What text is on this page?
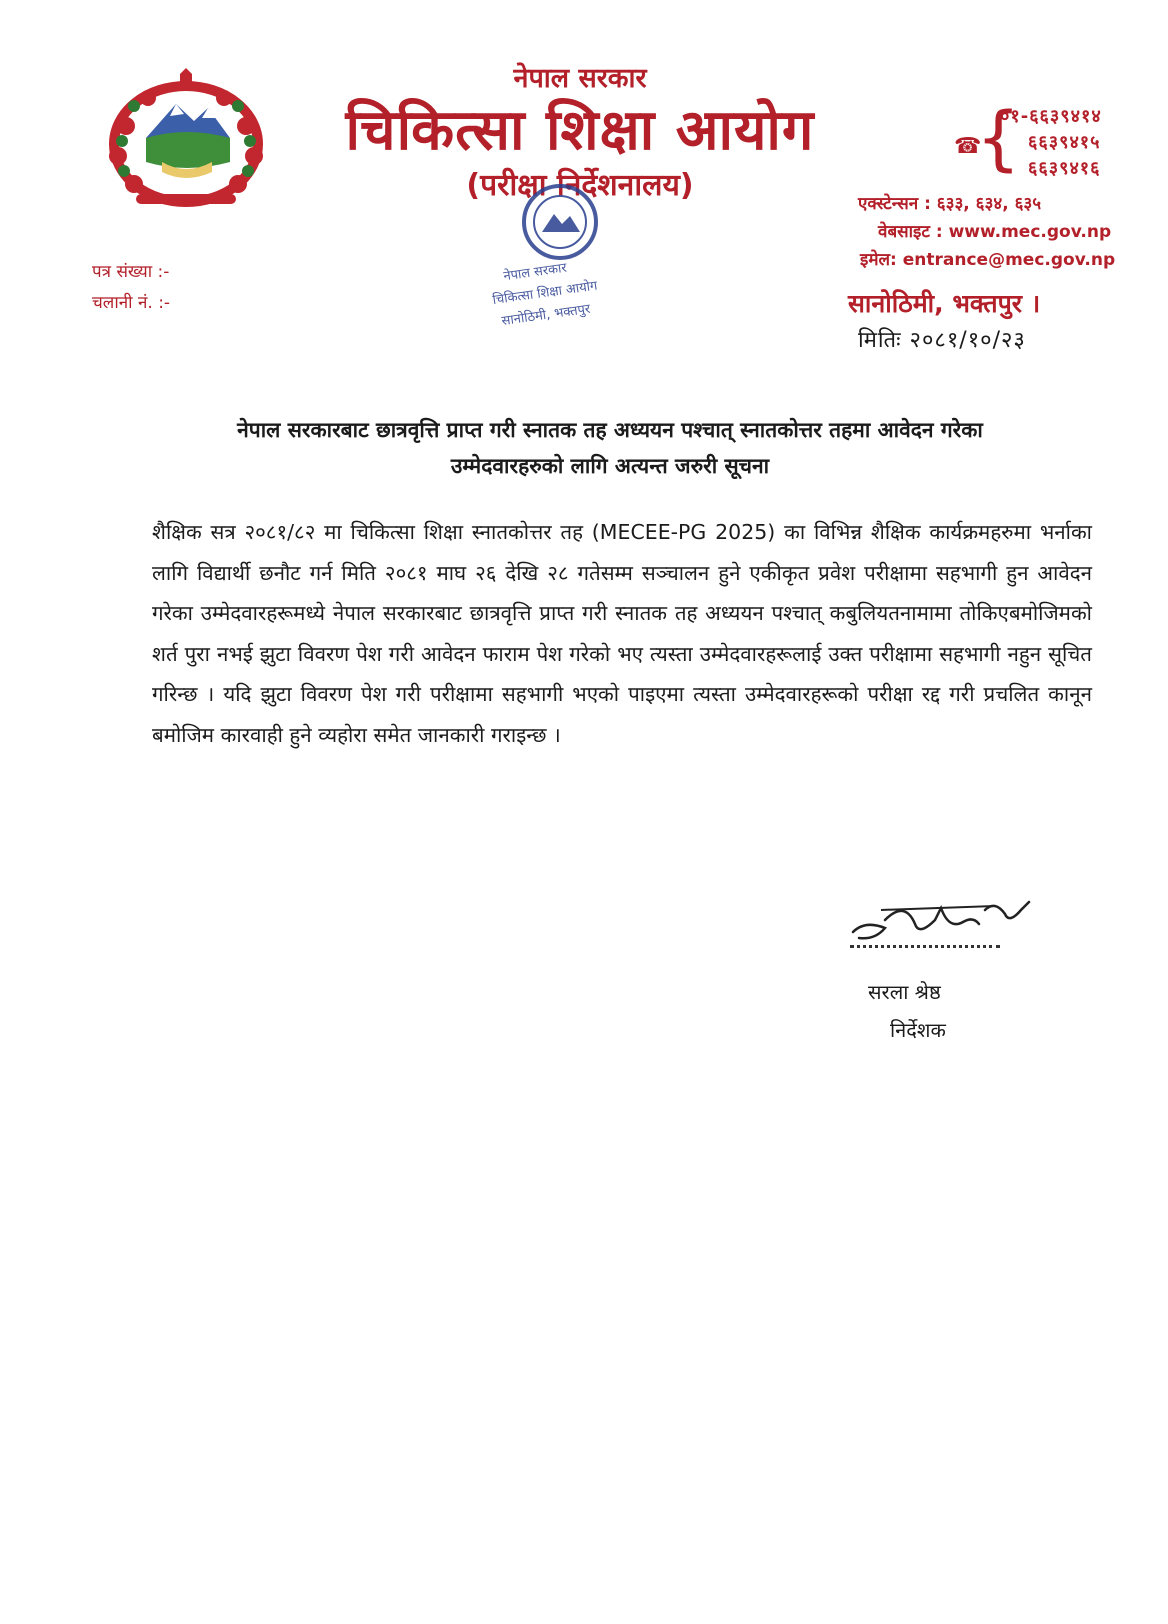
नेपाल सरकार
चिकित्सा शिक्षा आयोग
(परीक्षा निर्देशनालय)
नेपाल सरकार
चिकित्सा शिक्षा आयोग
सानोठिमी, भक्तपुर
पत्र संख्या :-
चलानी नं. :-
☎
{
०१-६६३९४१४
६६३९४१५
६६३९४१६
एक्स्टेन्सन : ६३३, ६३४, ६३५
वेबसाइट : www.mec.gov.np
इमेल: entrance@mec.gov.np
सानोठिमी, भक्तपुर ।
मितिः २०८१/१०/२३
नेपाल सरकारबाट छात्रवृत्ति प्राप्त गरी स्नातक तह अध्ययन पश्चात् स्नातकोत्तर तहमा आवेदन गरेका
उम्मेदवारहरुको लागि अत्यन्त जरुरी सूचना
शैक्षिक सत्र २०८१/८२ मा चिकित्सा शिक्षा स्नातकोत्तर तह (MECEE-PG 2025) का विभिन्न शैक्षिक कार्यक्रमहरुमा भर्नाका लागि विद्यार्थी छनौट गर्न मिति २०८१ माघ २६ देखि २८ गतेसम्म सञ्चालन हुने एकीकृत प्रवेश परीक्षामा सहभागी हुन आवेदन गरेका उम्मेदवारहरूमध्ये नेपाल सरकारबाट छात्रवृत्ति प्राप्त गरी स्नातक तह अध्ययन पश्चात् कबुलियतनामामा तोकिएबमोजिमको शर्त पुरा नभई झुटा विवरण पेश गरी आवेदन फाराम पेश गरेको भए त्यस्ता उम्मेदवारहरूलाई उक्त परीक्षामा सहभागी नहुन सूचित गरिन्छ । यदि झुटा विवरण पेश गरी परीक्षामा सहभागी भएको पाइएमा त्यस्ता उम्मेदवारहरूको परीक्षा रद्द गरी प्रचलित कानून बमोजिम कारवाही हुने व्यहोरा समेत जानकारी गराइन्छ ।
सरला श्रेष्ठ
निर्देशक
